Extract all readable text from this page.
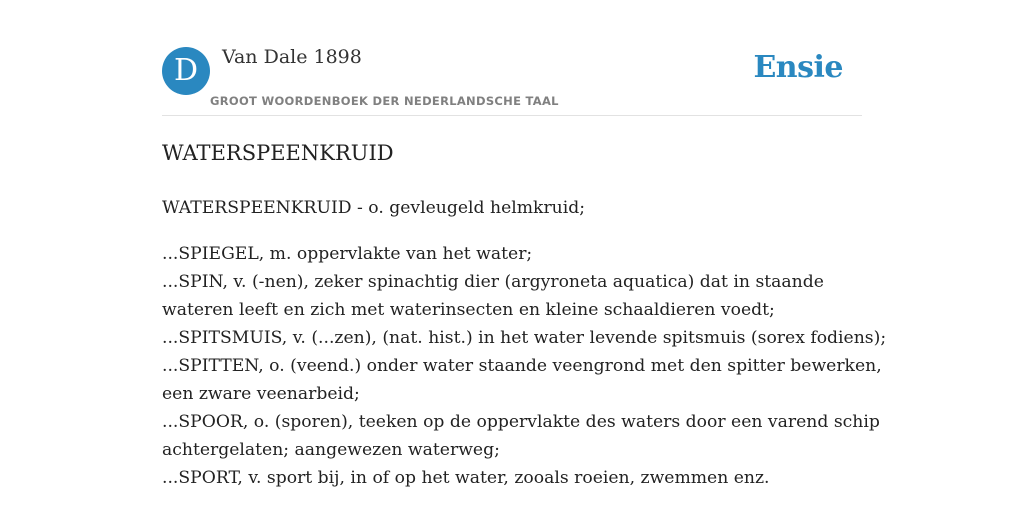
D	Van Dale 1898
GROOT WOORDENBOEK DER NEDERLANDSCHE TAAL
Ensie
WATERSPEENKRUID

WATERSPEENKRUID - o. gevleugeld helmkruid;

...SPIEGEL, m. oppervlakte van het water;
...SPIN, v. (-nen), zeker spinachtig dier (argyroneta aquatica) dat in staande
wateren leeft en zich met waterinsecten en kleine schaaldieren voedt;
...SPITSMUIS, v. (...zen), (nat. hist.) in het water levende spitsmuis (sorex fodiens);
...SPITTEN, o. (veend.) onder water staande veengrond met den spitter bewerken,
een zware veenarbeid;
...SPOOR, o. (sporen), teeken op de oppervlakte des waters door een varend schip
achtergelaten; aangewezen waterweg;
...SPORT, v. sport bij, in of op het water, zooals roeien, zwemmen enz.
